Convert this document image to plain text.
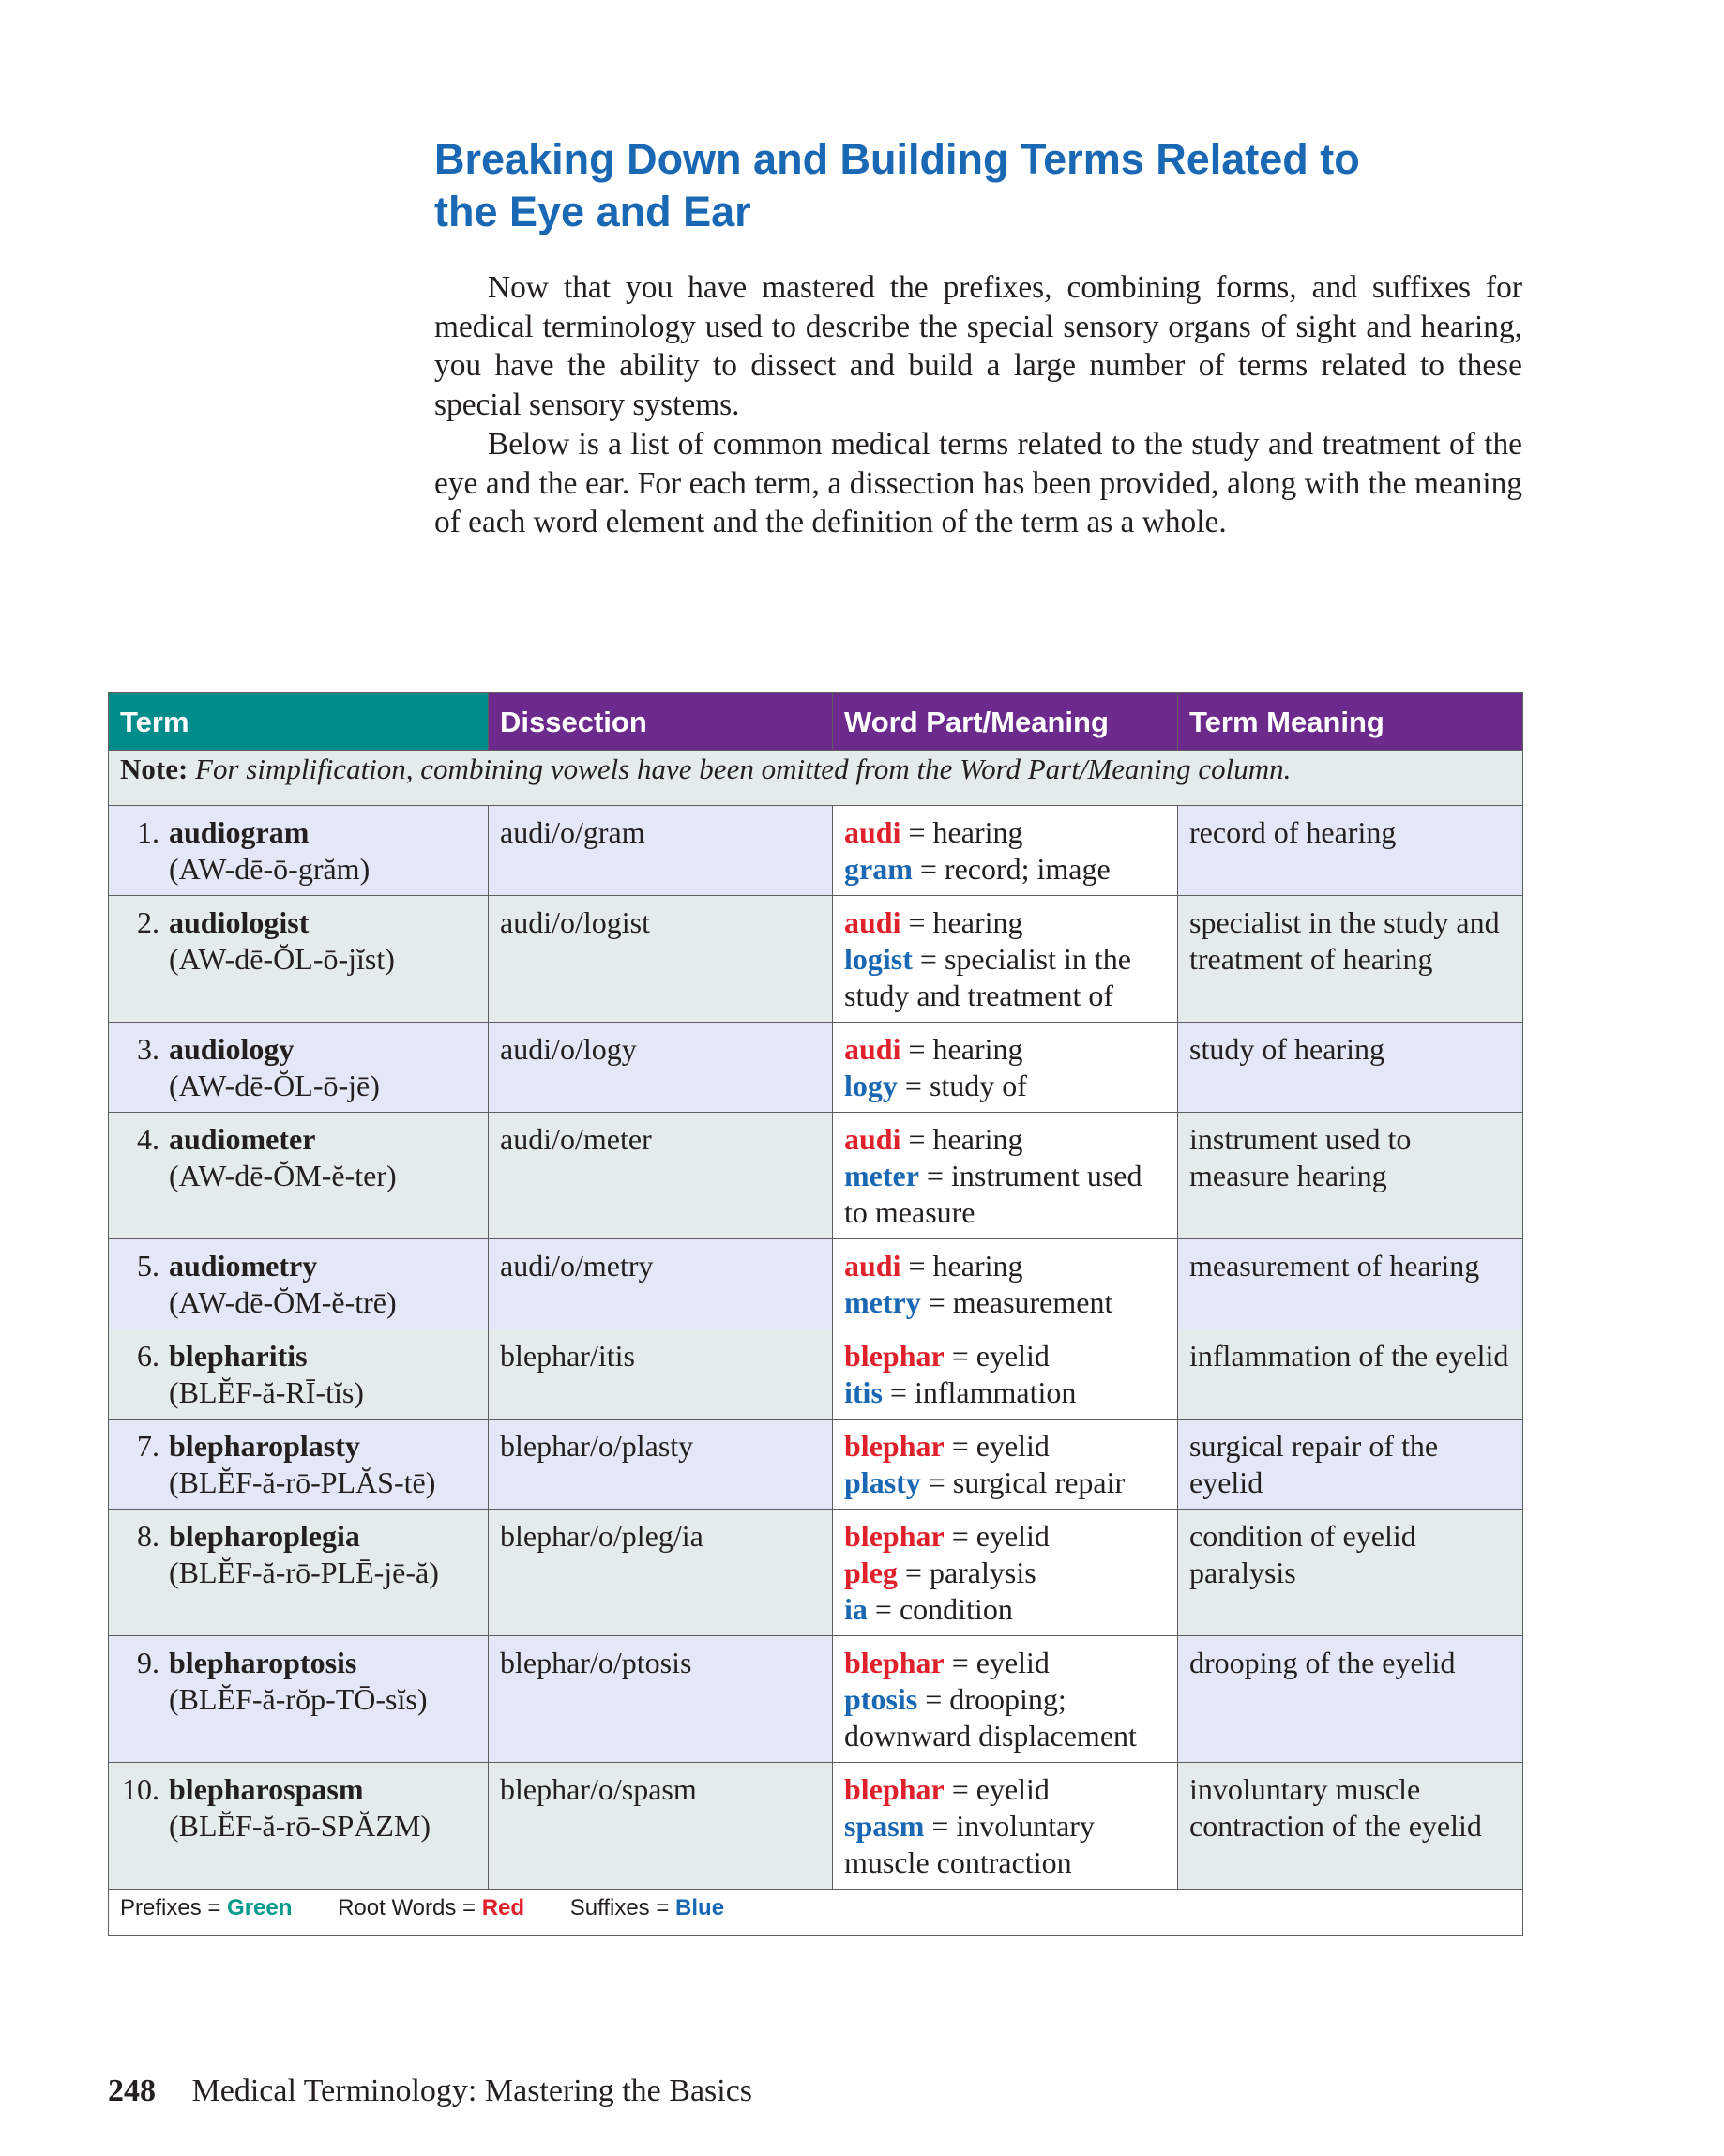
Breaking Down and Building Terms Related to
the Eye and Ear

Now that you have mastered the prefixes, combining forms, and suffixes for medical terminology used to describe the special sensory organs of sight and hearing, you have the ability to dissect and build a large number of terms related to these special sensory systems.

Below is a list of common medical terms related to the study and treatment of the eye and the ear. For each term, a dissection has been provided, along with the meaning of each word element and the definition of the term as a whole.

Term	Dissection	Word Part/Meaning	Term Meaning
Note: For simplification, combining vowels have been omitted from the Word Part/Meaning column.			

1. audiogram
(AW-dē-ō-grăm)	audi/o/gram	audi = hearing
gram = record; image	record of hearing

2. audiologist
(AW-dē-ŎL-ō-jĭst)	audi/o/logist	audi = hearing
logist = specialist in the study and treatment of	specialist in the study and treatment of hearing

3. audiology
(AW-dē-ŎL-ō-jē)	audi/o/logy	audi = hearing
logy = study of	study of hearing

4. audiometer
(AW-dē-ŎM-ĕ-ter)	audi/o/meter	audi = hearing
meter = instrument used to measure	instrument used to measure hearing

5. audiometry
(AW-dē-ŎM-ĕ-trē)	audi/o/metry	audi = hearing
metry = measurement	measurement of hearing

6. blepharitis
(BLĔF-ă-RĪ-tĭs)	blephar/itis	blephar = eyelid
itis = inflammation	inflammation of the eyelid

7. blepharoplasty
(BLĔF-ă-rō-PLĂS-tē)	blephar/o/plasty	blephar = eyelid
plasty = surgical repair	surgical repair of the eyelid

8. blepharoplegia
(BLĔF-ă-rō-PLĒ-jē-ă)	blephar/o/pleg/ia	blephar = eyelid
pleg = paralysis
ia = condition	condition of eyelid paralysis

9. blepharoptosis
(BLĔF-ă-rŏp-TŌ-sĭs)	blephar/o/ptosis	blephar = eyelid
ptosis = drooping; downward displacement	drooping of the eyelid

10. blepharospasm
(BLĔF-ă-rō-SPĂZM)	blephar/o/spasm	blephar = eyelid
spasm = involuntary muscle contraction	involuntary muscle contraction of the eyelid
Prefixes = Green Root Words = Red Suffixes = Blue			
248 Medical Terminology: Mastering the Basics
